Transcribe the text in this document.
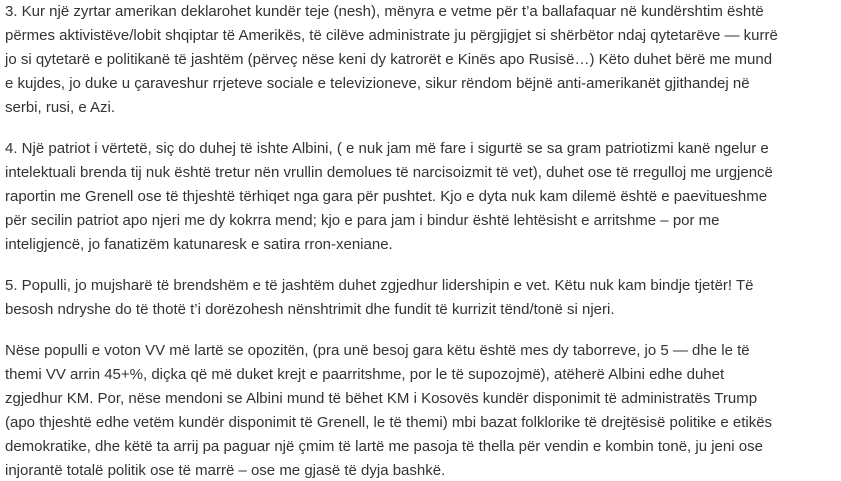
3. Kur një zyrtar amerikan deklarohet kundër teje (nesh), mënyra e vetme për t’a ballafaquar në kundërshtim është
përmes aktivistëve/lobit shqiptar të Amerikës, të cilëve administrate ju përgjigjet si shërbëtor ndaj qytetarëve — kurrë
jo si qytetarë e politikanë të jashtëm (përveç nëse keni dy katrorët e Kinës apo Rusisë…) Këto duhet bërë me mund
e kujdes, jo duke u çaraveshur rrjeteve sociale e televizioneve, sikur rëndom bëjnë anti-amerikanët gjithandej në
serbi, rusi, e Azi.
4. Një patriot i vërtetë, siç do duhej të ishte Albini, ( e nuk jam më fare i sigurtë se sa gram patriotizmi kanë ngelur e
intelektuali brenda tij nuk është tretur nën vrullin demolues të narcisoizmit të vet), duhet ose të rregulloj me urgjencë
raportin me Grenell ose të thjeshtë tërhiqet nga gara për pushtet. Kjo e dyta nuk kam dilemë është e paevitueshme
për secilin patriot apo njeri me dy kokrra mend; kjo e para jam i bindur është lehtësisht e arritshme – por me
inteligjencë, jo fanatizëm katunaresk e satira rron-xeniane.
5. Populli, jo mujsharë të brendshëm e të jashtëm duhet zgjedhur lidershipin e vet. Këtu nuk kam bindje tjetër! Të
besosh ndryshe do të thotë t’i dorëzohesh nënshtrimit dhe fundit të kurrizit tënd/tonë si njeri.
Nëse populli e voton VV më lartë se opozitën, (pra unë besoj gara këtu është mes dy taborreve, jo 5 — dhe le të
themi VV arrin 45+%, diçka që më duket krejt e paarritshme, por le të supozojmë), atëherë Albini edhe duhet
zgjedhur KM. Por, nëse mendoni se Albini mund të bëhet KM i Kosovës kundër disponimit të administratës Trump
(apo thjeshtë edhe vetëm kundër disponimit të Grenell, le të themi) mbi bazat folklorike të drejtësisë politike e etikës
demokratike, dhe këtë ta arrij pa paguar një çmim të lartë me pasoja të thella për vendin e kombin tonë, ju jeni ose
injorantë totalë politik ose të marrë – ose me gjasë të dyja bashkë.
